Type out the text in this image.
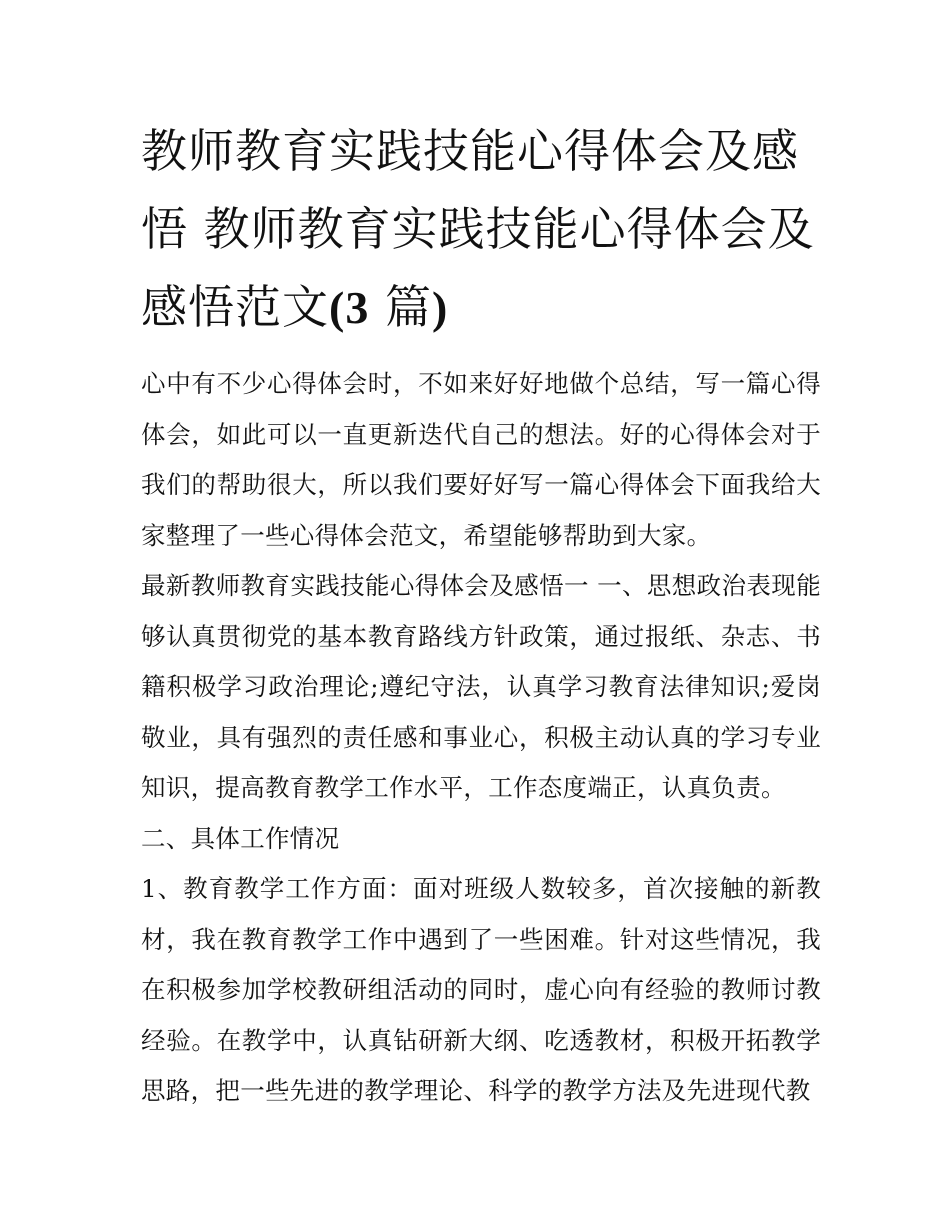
教师教育实践技能心得体会及感悟 教师教育实践技能心得体会及感悟范文(3 篇)

心中有不少心得体会时，不如来好好地做个总结，写一篇心得体会，如此可以一直更新迭代自己的想法。好的心得体会对于我们的帮助很大，所以我们要好好写一篇心得体会下面我给大家整理了一些心得体会范文，希望能够帮助到大家。

最新教师教育实践技能心得体会及感悟一 一、思想政治表现能够认真贯彻党的基本教育路线方针政策，通过报纸、杂志、书籍积极学习政治理论;遵纪守法，认真学习教育法律知识;爱岗敬业，具有强烈的责任感和事业心，积极主动认真的学习专业知识，提高教育教学工作水平，工作态度端正，认真负责。

二、具体工作情况

1、教育教学工作方面：面对班级人数较多，首次接触的新教材，我在教育教学工作中遇到了一些困难。针对这些情况，我在积极参加学校教研组活动的同时，虚心向有经验的教师讨教经验。在教学中，认真钻研新大纲、吃透教材，积极开拓教学思路，把一些先进的教学理论、科学的教学方法及先进现代教
